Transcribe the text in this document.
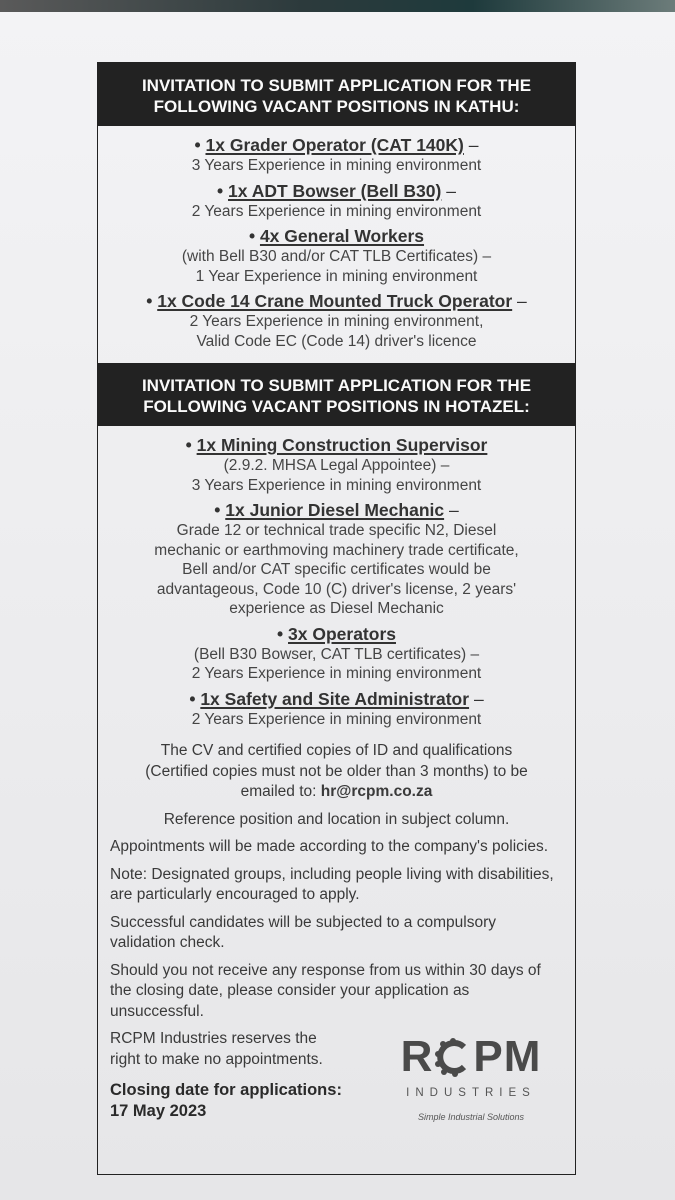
INVITATION TO SUBMIT APPLICATION FOR THE
FOLLOWING VACANT POSITIONS IN KATHU:
• 1x Grader Operator (CAT 140K) –
3 Years Experience in mining environment
• 1x ADT Bowser (Bell B30) –
2 Years Experience in mining environment
• 4x General Workers
(with Bell B30 and/or CAT TLB Certificates) –
1 Year Experience in mining environment
• 1x Code 14 Crane Mounted Truck Operator –
2 Years Experience in mining environment,
Valid Code EC (Code 14) driver's licence
INVITATION TO SUBMIT APPLICATION FOR THE
FOLLOWING VACANT POSITIONS IN HOTAZEL:
• 1x Mining Construction Supervisor
(2.9.2. MHSA Legal Appointee) –
3 Years Experience in mining environment
• 1x Junior Diesel Mechanic –
Grade 12 or technical trade specific N2, Diesel
mechanic or earthmoving machinery trade certificate,
Bell and/or CAT specific certificates would be
advantageous, Code 10 (C) driver's license, 2 years'
experience as Diesel Mechanic
• 3x Operators
(Bell B30 Bowser, CAT TLB certificates) –
2 Years Experience in mining environment
• 1x Safety and Site Administrator –
2 Years Experience in mining environment
The CV and certified copies of ID and qualifications
(Certified copies must not be older than 3 months) to be
emailed to: hr@rcpm.co.za

Reference position and location in subject column.

Appointments will be made according to the company's policies.

Note: Designated groups, including people living with disabilities, are particularly encouraged to apply.

Successful candidates will be subjected to a compulsory validation check.

Should you not receive any response from us within 30 days of the closing date, please consider your application as unsuccessful.

RCPM Industries reserves the
right to make no appointments.
Closing date for applications:
17 May 2023
R PM
INDUSTRIES
Simple Industrial Solutions
